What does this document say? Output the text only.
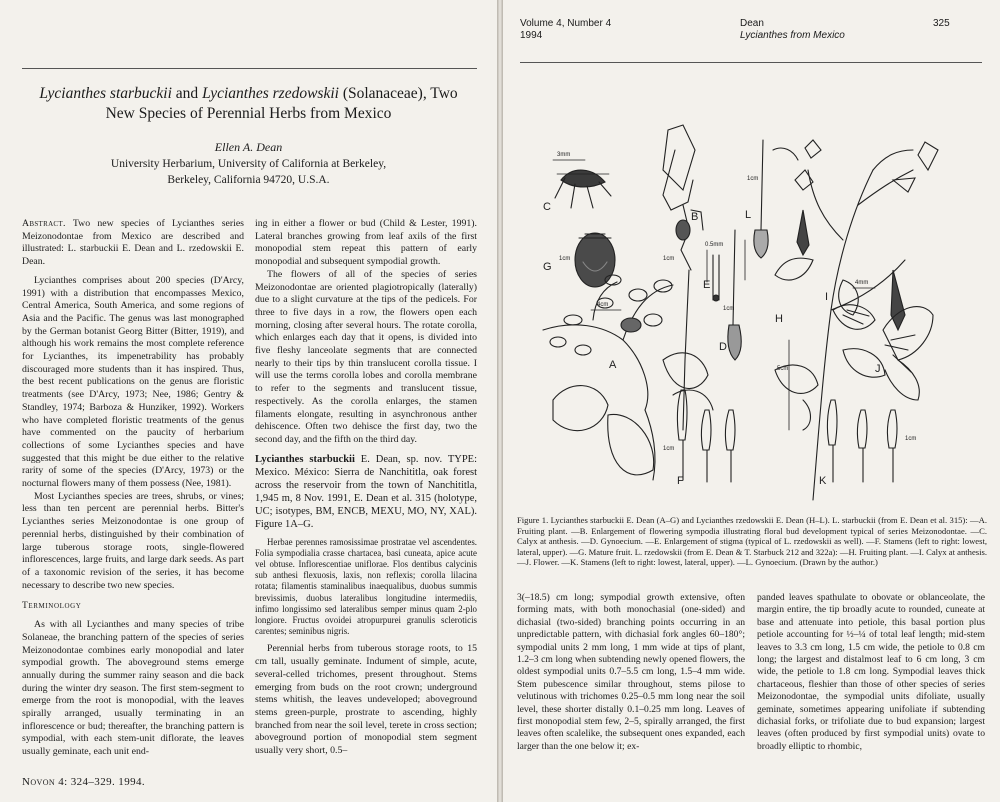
Lycianthes starbuckii and Lycianthes rzedowskii (Solanaceae), Two
New Species of Perennial Herbs from Mexico
Ellen A. Dean
University Herbarium, University of California at Berkeley,
Berkeley, California 94720, U.S.A.

Abstract. Two new species of Lycianthes series Meizonodontae from Mexico are described and illustrated: L. starbuckii E. Dean and L. rzedowskii E. Dean.

Lycianthes comprises about 200 species (D'Arcy, 1991) with a distribution that encompasses Mexico, Central America, South America, and some regions of Asia and the Pacific. The genus was last monographed by the German botanist Georg Bitter (Bitter, 1919), and although his work remains the most complete reference for Lycianthes, its impenetrability has probably discouraged more students than it has inspired. Thus, the best recent publications on the genus are floristic treatments (see D'Arcy, 1973; Nee, 1986; Gentry & Standley, 1974; Barboza & Hunziker, 1992). Workers who have completed floristic treatments of the genus have commented on the paucity of herbarium collections of some Lycianthes species and have suggested that this might be due either to the relative rarity of some of the species (D'Arcy, 1973) or the nocturnal flowers many of them possess (Nee, 1981).

Most Lycianthes species are trees, shrubs, or vines; less than ten percent are perennial herbs. Bitter's Lycianthes series Meizonodontae is one group of perennial herbs, distinguished by their combination of large tuberous storage roots, single-flowered inflorescences, large fruits, and large dark seeds. As part of a taxonomic revision of the series, it has become necessary to describe two new species.

Terminology

As with all Lycianthes and many species of tribe Solaneae, the branching pattern of the species of series Meizonodontae combines early monopodial and later sympodial growth. The aboveground stems emerge annually during the summer rainy season and die back during the winter dry season. The first stem-segment to emerge from the root is monopodial, with the leaves spirally arranged, usually terminating in an inflorescence or bud; thereafter, the branching pattern is sympodial, with each stem-unit diflorate, the leaves usually geminate, each unit end-

ing in either a flower or bud (Child & Lester, 1991). Lateral branches growing from leaf axils of the first monopodial stem repeat this pattern of early monopodial and subsequent sympodial growth.

The flowers of all of the species of series Meizonodontae are oriented plagiotropically (laterally) due to a slight curvature at the tips of the pedicels. For three to five days in a row, the flowers open each morning, closing after several hours. The rotate corolla, which enlarges each day that it opens, is divided into five fleshy lanceolate segments that are connected nearly to their tips by thin translucent corolla tissue. I will use the terms corolla lobes and corolla membrane to refer to the segments and translucent tissue, respectively. As the corolla enlarges, the stamen filaments elongate, resulting in asynchronous anther dehiscence. Often two dehisce the first day, two the second day, and the fifth on the third day.

Lycianthes starbuckii E. Dean, sp. nov. TYPE: Mexico. México: Sierra de Nanchititla, oak forest across the reservoir from the town of Nanchititla, 1,945 m, 8 Nov. 1991, E. Dean et al. 315 (holotype, UC; isotypes, BM, ENCB, MEXU, MO, NY, XAL). Figure 1A–G.

Herbae perennes ramosissimae prostratae vel ascendentes. Folia sympodialia crasse chartacea, basi cuneata, apice acute vel obtuse. Inflorescentiae uniflorae. Flos dentibus calycinis sub anthesi flexuosis, laxis, non reflexis; corolla lilacina rotata; filamentis staminalibus inaequalibus, duobus summis brevissimis, duobus lateralibus longitudine intermediis, infimo longissimo sed lateralibus semper minus quam 2-plo longiore. Fructus ovoidei atropurpurei granulis scleroticis carentes; seminibus nigris.

Perennial herbs from tuberous storage roots, to 15 cm tall, usually geminate. Indument of simple, acute, several-celled trichomes, present throughout. Stems emerging from buds on the root crown; underground stems whitish, the leaves undeveloped; aboveground stems green-purple, prostrate to ascending, highly branched from near the soil level, terete in cross section; aboveground portion of monopodial stem segment usually very short, 0.5–

Novon 4: 324–329. 1994.
Volume 4, Number 4
1994
Dean
Lycianthes from Mexico
325
A
B
C
D
E
F
G
H
I
J
K
L
3mm
4cm
1cm	1cm
0.5mm
1cm
5cm
1cm
4mm
1cm
1cm
Figure 1. Lycianthes starbuckii E. Dean (A–G) and Lycianthes rzedowskii E. Dean (H–L). L. starbuckii (from E. Dean et al. 315): —A. Fruiting plant. —B. Enlargement of flowering sympodia illustrating floral bud development typical of series Meizonodontae. —C. Calyx at anthesis. —D. Gynoecium. —E. Enlargement of stigma (typical of L. rzedowskii as well). —F. Stamens (left to right: lowest, lateral, upper). —G. Mature fruit. L. rzedowskii (from E. Dean & T. Starbuck 212 and 322a): —H. Fruiting plant. —I. Calyx at anthesis. —J. Flower. —K. Stamens (left to right: lowest, lateral, upper). —L. Gynoecium. (Drawn by the author.)

3(–18.5) cm long; sympodial growth extensive, often forming mats, with both monochasial (one-sided) and dichasial (two-sided) branching points occurring in an unpredictable pattern, with dichasial fork angles 60–180°; sympodial units 2 mm long, 1 mm wide at tips of plant, 1.2–3 cm long when subtending newly opened flowers, the oldest sympodial units 0.7–5.5 cm long, 1.5–4 mm wide. Stem pubescence similar throughout, stems pilose to velutinous with trichomes 0.25–0.5 mm long near the soil level, these shorter distally 0.1–0.25 mm long. Leaves of first monopodial stem few, 2–5, spirally arranged, the first leaves often scalelike, the subsequent ones expanded, each larger than the one below it; ex-

panded leaves spathulate to obovate or oblanceolate, the margin entire, the tip broadly acute to rounded, cuneate at base and attenuate into petiole, this basal portion plus petiole accounting for ½–¼ of total leaf length; mid-stem leaves to 3.3 cm long, 1.5 cm wide, the petiole to 0.8 cm long; the largest and distalmost leaf to 6 cm long, 3 cm wide, the petiole to 1.8 cm long. Sympodial leaves thick chartaceous, fleshier than those of other species of series Meizonodontae, the sympodial units difoliate, usually geminate, sometimes appearing unifoliate if subtending dichasial forks, or trifoliate due to bud expansion; largest leaves (often produced by first sympodial units) ovate to broadly elliptic to rhombic,
